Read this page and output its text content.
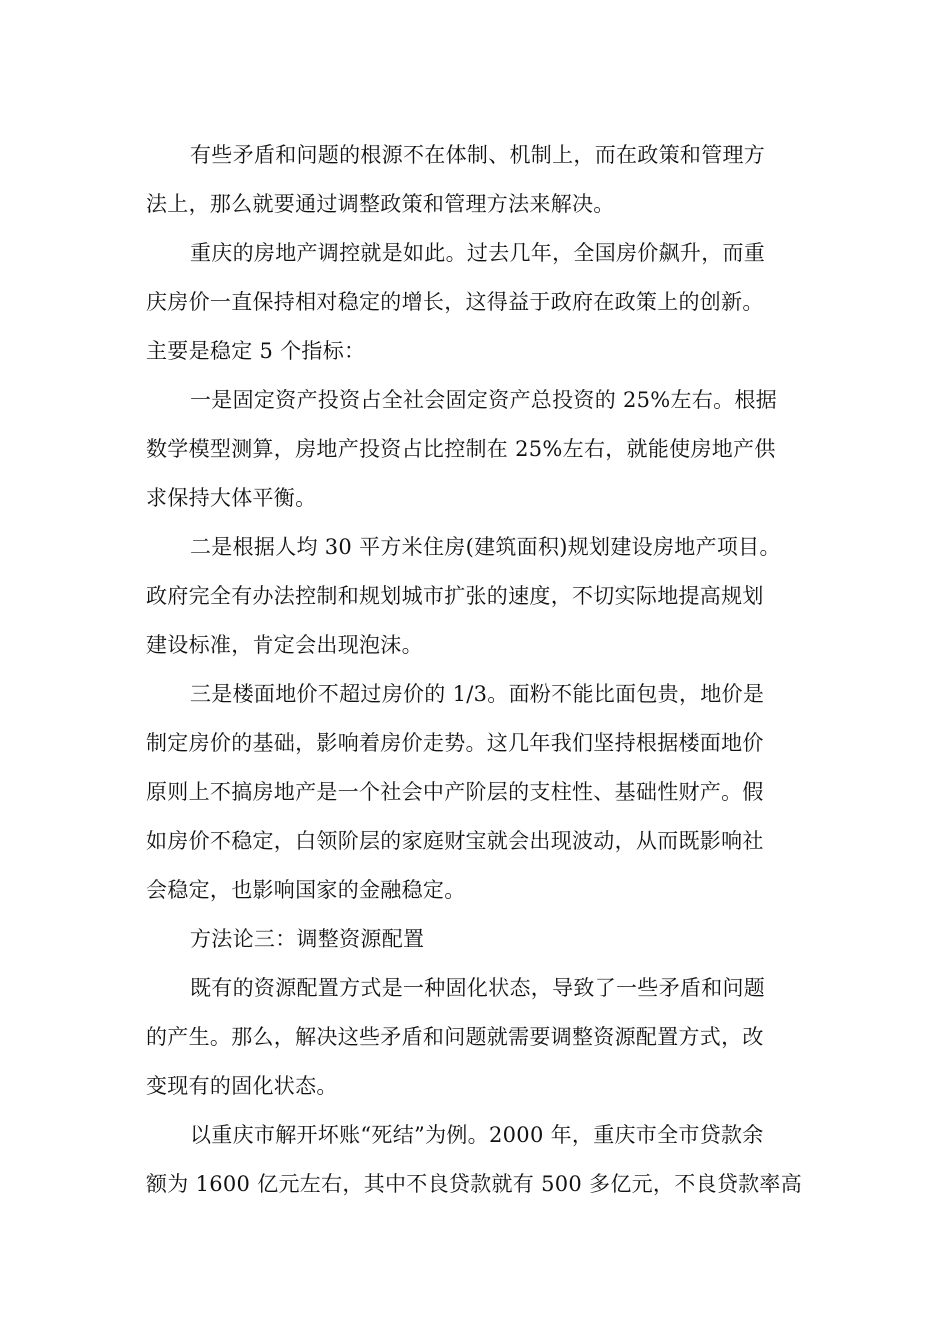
有些矛盾和问题的根源不在体制、机制上，而在政策和管理方
法上，那么就要通过调整政策和管理方法来解决。

重庆的房地产调控就是如此。过去几年，全国房价飙升，而重
庆房价一直保持相对稳定的增长，这得益于政府在政策上的创新。
主要是稳定 5 个指标：

一是固定资产投资占全社会固定资产总投资的 25%左右。根据
数学模型测算，房地产投资占比控制在 25%左右，就能使房地产供
求保持大体平衡。

二是根据人均 30 平方米住房(建筑面积)规划建设房地产项目。
政府完全有办法控制和规划城市扩张的速度，不切实际地提高规划
建设标准，肯定会出现泡沫。

三是楼面地价不超过房价的 1/3。面粉不能比面包贵，地价是
制定房价的基础，影响着房价走势。这几年我们坚持根据楼面地价
原则上不搞房地产是一个社会中产阶层的支柱性、基础性财产。假
如房价不稳定，白领阶层的家庭财宝就会出现波动，从而既影响社
会稳定，也影响国家的金融稳定。

方法论三：调整资源配置

既有的资源配置方式是一种固化状态，导致了一些矛盾和问题
的产生。那么，解决这些矛盾和问题就需要调整资源配置方式，改
变现有的固化状态。

以重庆市解开坏账“死结”为例。2000 年，重庆市全市贷款余
额为 1600 亿元左右，其中不良贷款就有 500 多亿元，不良贷款率高
